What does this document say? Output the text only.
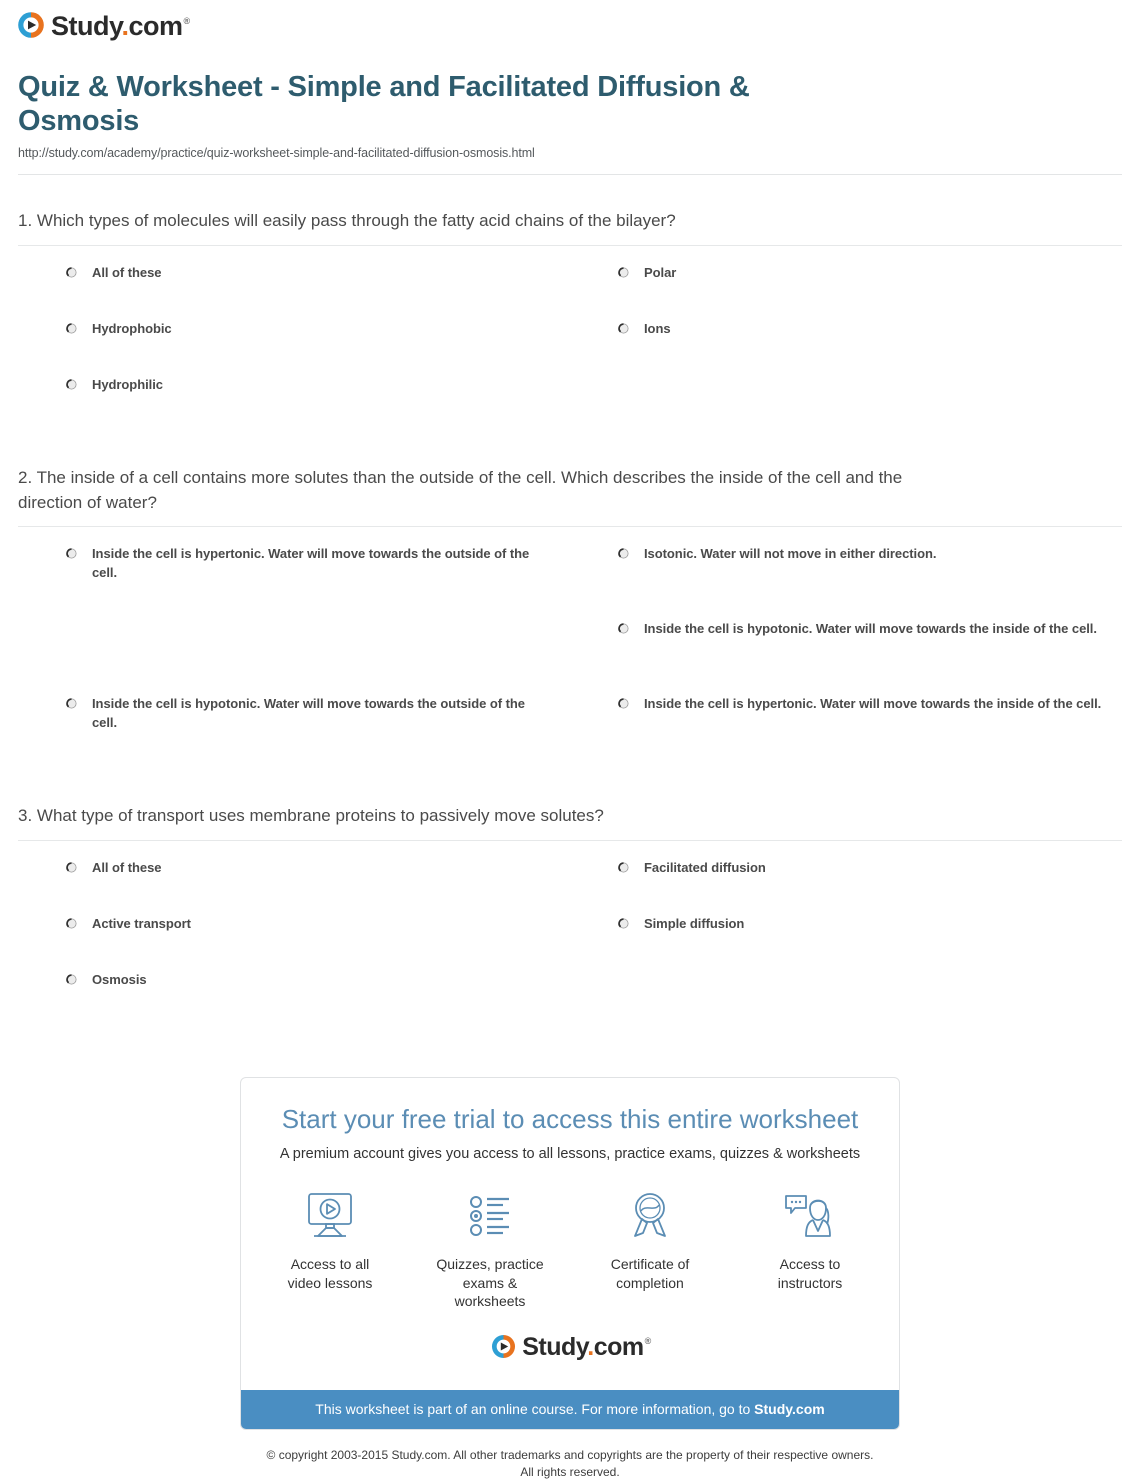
Study.com®
Quiz & Worksheet - Simple and Facilitated Diffusion & Osmosis
http://study.com/academy/practice/quiz-worksheet-simple-and-facilitated-diffusion-osmosis.html
1. Which types of molecules will easily pass through the fatty acid chains of the bilayer?
All of these
Hydrophobic
Hydrophilic
Polar
Ions
2. The inside of a cell contains more solutes than the outside of the cell. Which describes the inside of the cell and the direction of water?
Inside the cell is hypertonic. Water will move towards the outside of the cell.
Inside the cell is hypotonic. Water will move towards the outside of the cell.
Isotonic. Water will not move in either direction.
Inside the cell is hypotonic. Water will move towards the inside of the cell.
Inside the cell is hypertonic. Water will move towards the inside of the cell.
3. What type of transport uses membrane proteins to passively move solutes?
All of these
Active transport
Osmosis
Facilitated diffusion
Simple diffusion
Start your free trial to access this entire worksheet
A premium account gives you access to all lessons, practice exams, quizzes & worksheets
Access to all
video lessons
Quizzes, practice
exams & worksheets
Certificate of
completion
Access to
instructors
Study.com®
This worksheet is part of an online course. For more information, go to Study.com
© copyright 2003-2015 Study.com. All other trademarks and copyrights are the property of their respective owners.
All rights reserved.
